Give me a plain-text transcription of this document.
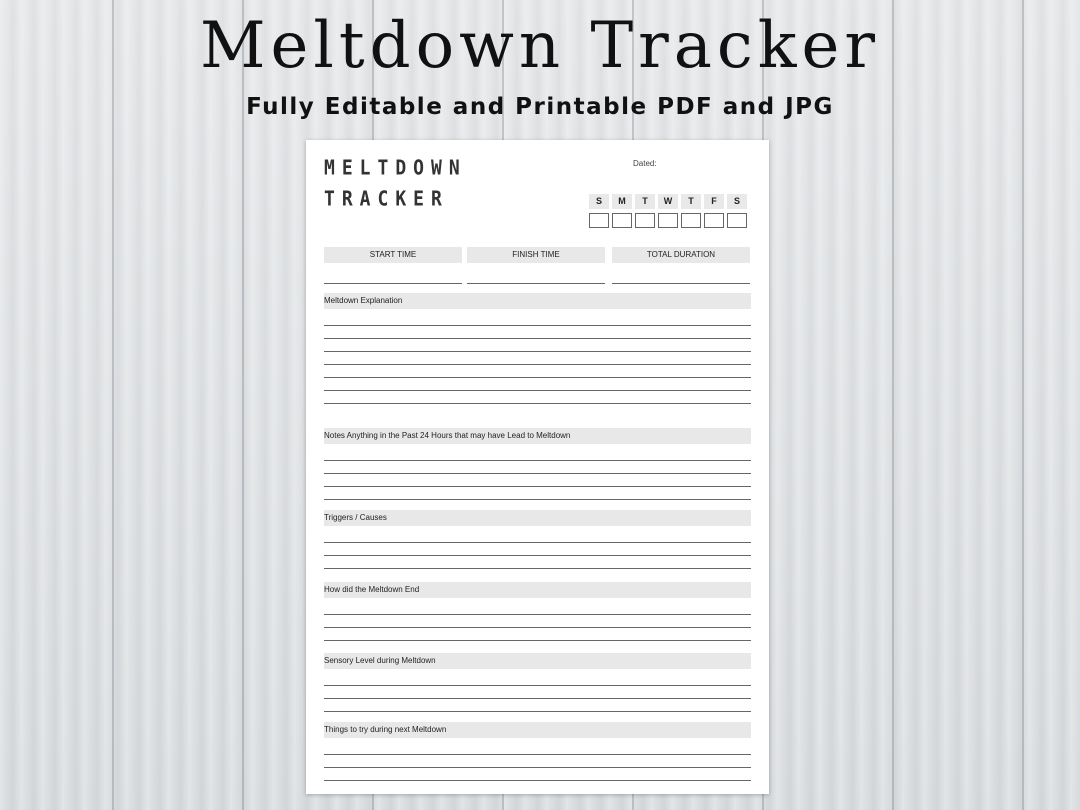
Meltdown Tracker
Fully Editable and Printable PDF and JPG
MELTDOWN
TRACKER
Dated:
S	M	T	W	T	F	S
START TIME	FINISH TIME	TOTAL DURATION
Meltdown Explanation
Notes Anything in the Past 24 Hours that may have Lead to Meltdown
Triggers / Causes
How did the Meltdown End
Sensory Level during Meltdown
Things to try during next Meltdown
